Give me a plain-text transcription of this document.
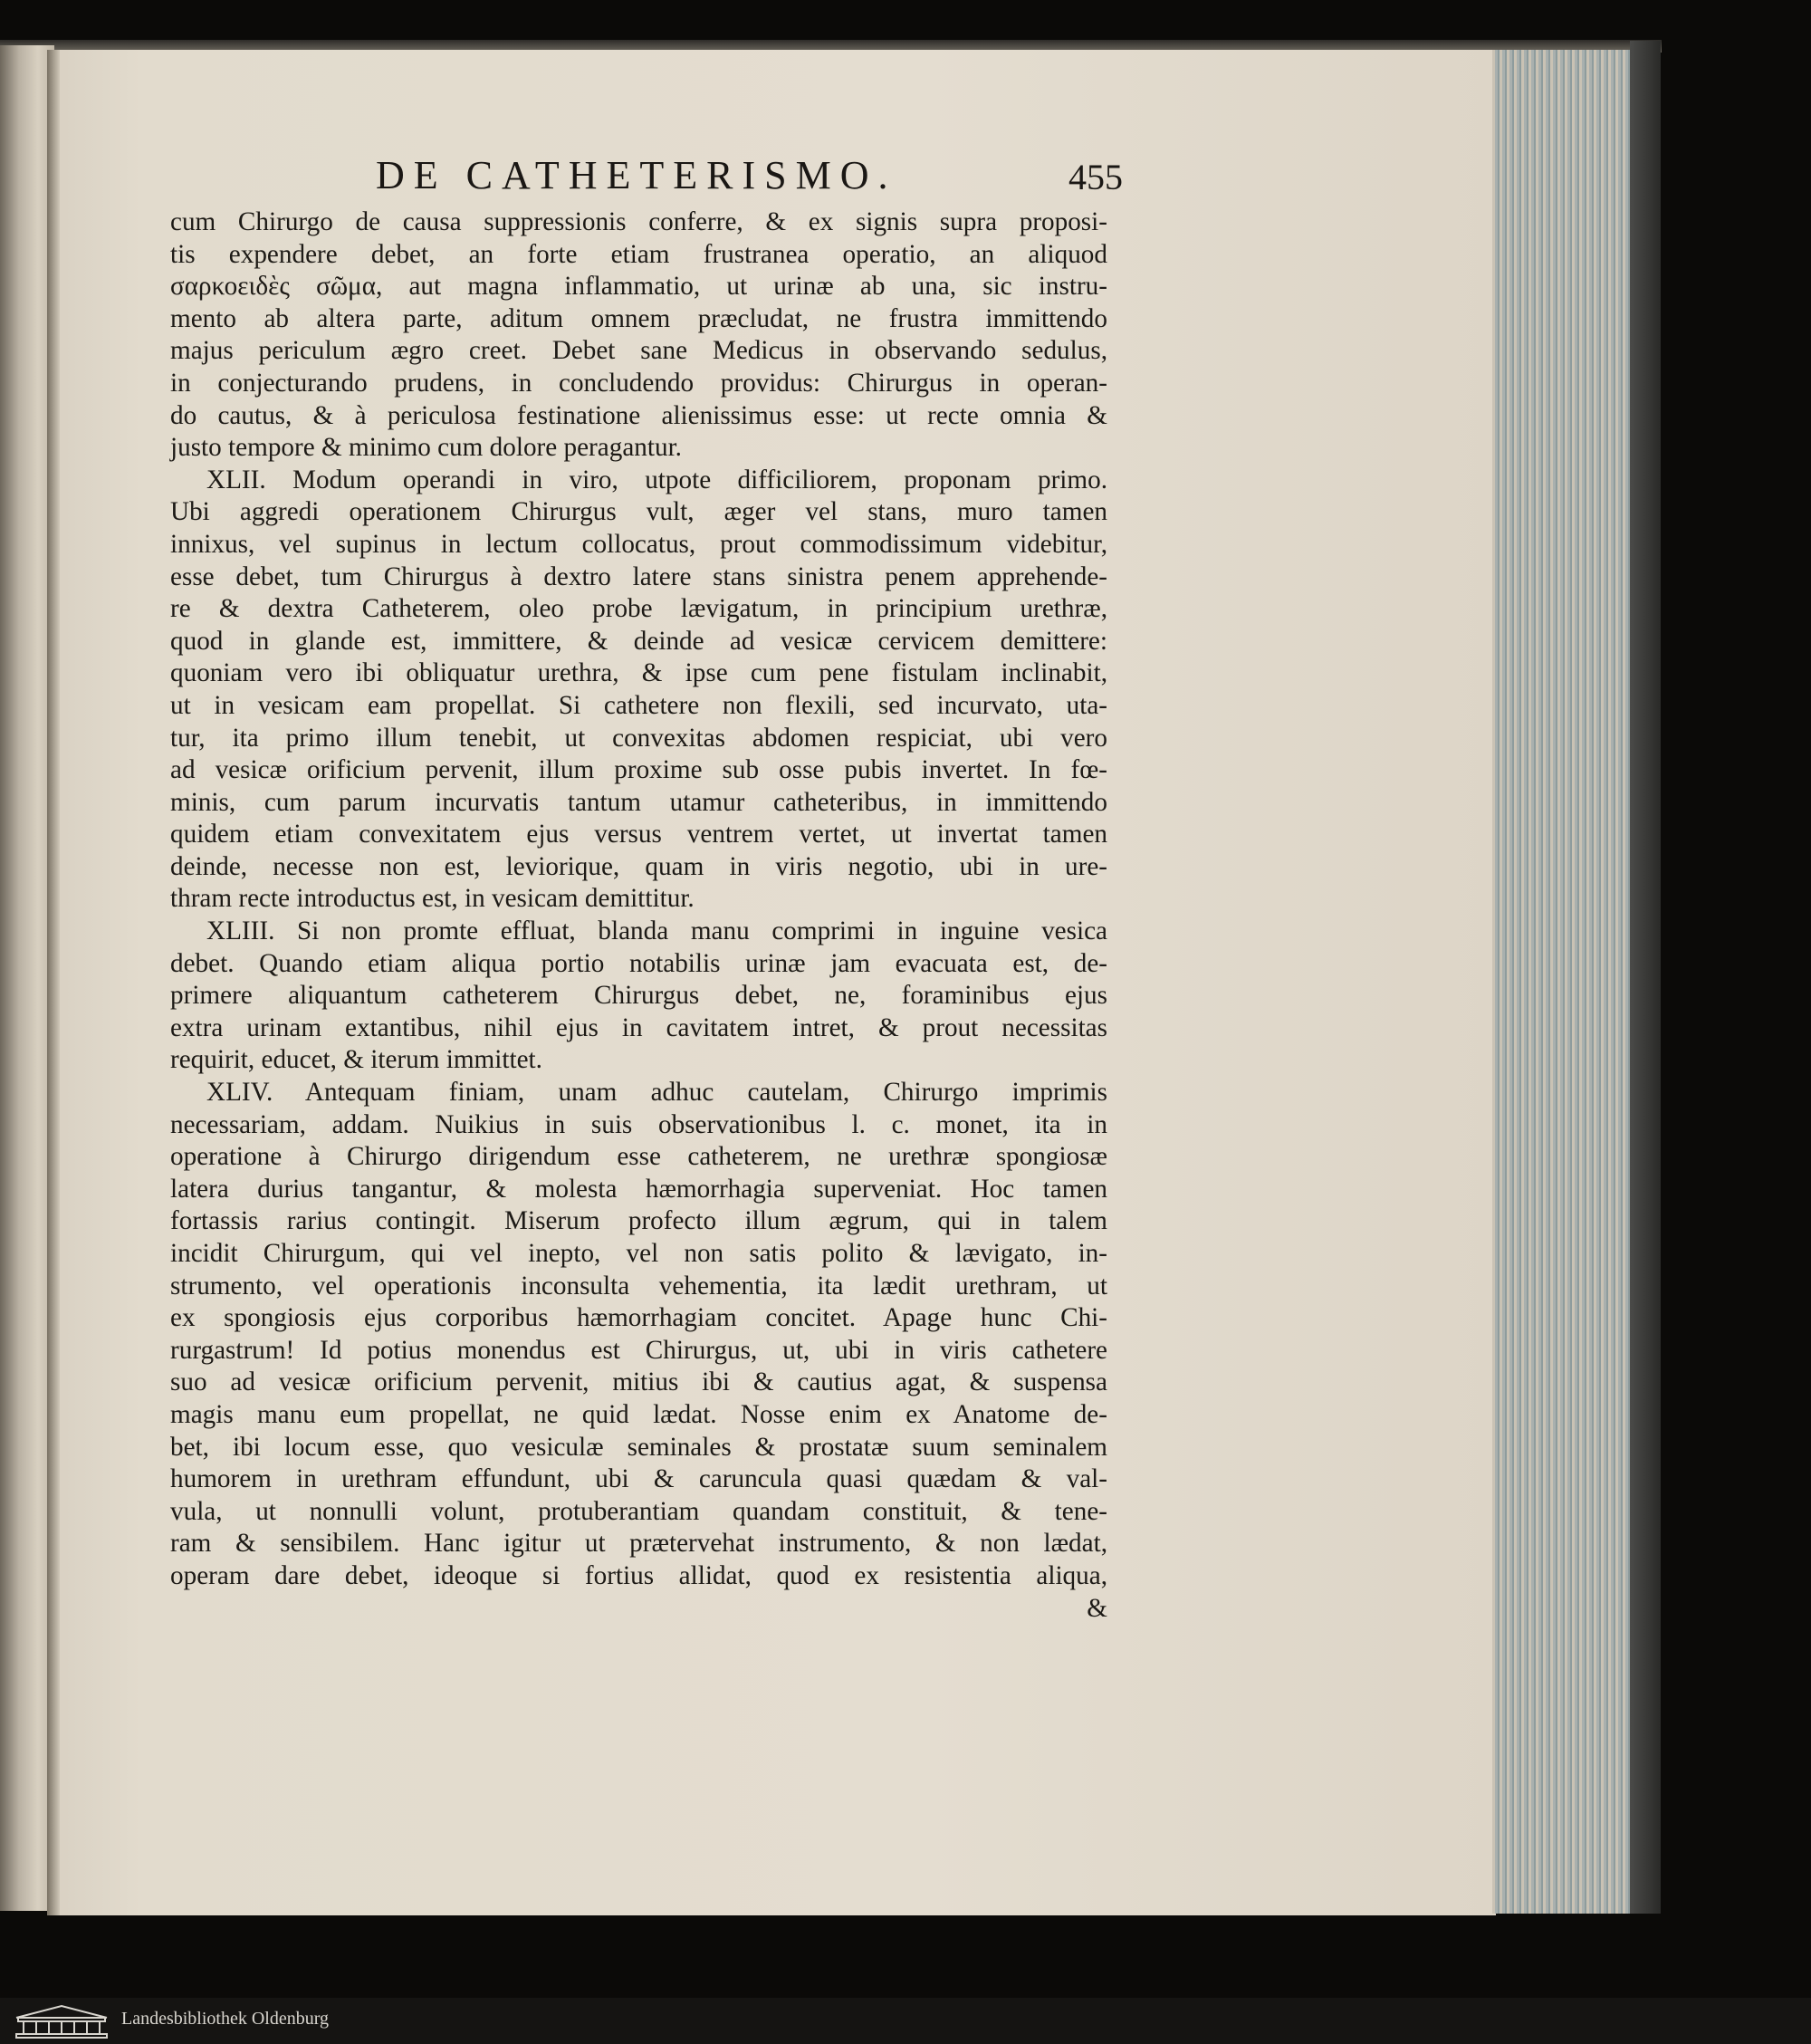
DE CATHETERISMO.	455
cum Chirurgo de causa suppressionis conferre, & ex signis supra proposi-
tis expendere debet, an forte etiam frustranea operatio, an aliquod
σαρκοειδὲς σῶμα, aut magna inflammatio, ut urinæ ab una, sic instru-
mento ab altera parte, aditum omnem præcludat, ne frustra immittendo
majus periculum ægro creet. Debet sane Medicus in observando sedulus,
in conjecturando prudens, in concludendo providus: Chirurgus in operan-
do cautus, & à periculosa festinatione alienissimus esse: ut recte omnia &
justo tempore & minimo cum dolore peragantur.
XLII. Modum operandi in viro, utpote difficiliorem, proponam primo.
Ubi aggredi operationem Chirurgus vult, æger vel stans, muro tamen
innixus, vel supinus in lectum collocatus, prout commodissimum videbitur,
esse debet, tum Chirurgus à dextro latere stans sinistra penem apprehende-
re & dextra Catheterem, oleo probe lævigatum, in principium urethræ,
quod in glande est, immittere, & deinde ad vesicæ cervicem demittere:
quoniam vero ibi obliquatur urethra, & ipse cum pene fistulam inclinabit,
ut in vesicam eam propellat. Si cathetere non flexili, sed incurvato, uta-
tur, ita primo illum tenebit, ut convexitas abdomen respiciat, ubi vero
ad vesicæ orificium pervenit, illum proxime sub osse pubis invertet. In fœ-
minis, cum parum incurvatis tantum utamur catheteribus, in immittendo
quidem etiam convexitatem ejus versus ventrem vertet, ut invertat tamen
deinde, necesse non est, leviorique, quam in viris negotio, ubi in ure-
thram recte introductus est, in vesicam demittitur.
XLIII. Si non promte effluat, blanda manu comprimi in inguine vesica
debet. Quando etiam aliqua portio notabilis urinæ jam evacuata est, de-
primere aliquantum catheterem Chirurgus debet, ne, foraminibus ejus
extra urinam extantibus, nihil ejus in cavitatem intret, & prout necessitas
requirit, educet, & iterum immittet.
XLIV. Antequam finiam, unam adhuc cautelam, Chirurgo imprimis
necessariam, addam. Nuikius in suis observationibus l. c. monet, ita in
operatione à Chirurgo dirigendum esse catheterem, ne urethræ spongiosæ
latera durius tangantur, & molesta hæmorrhagia superveniat. Hoc tamen
fortassis rarius contingit. Miserum profecto illum ægrum, qui in talem
incidit Chirurgum, qui vel inepto, vel non satis polito & lævigato, in-
strumento, vel operationis inconsulta vehementia, ita lædit urethram, ut
ex spongiosis ejus corporibus hæmorrhagiam concitet. Apage hunc Chi-
rurgastrum! Id potius monendus est Chirurgus, ut, ubi in viris cathetere
suo ad vesicæ orificium pervenit, mitius ibi & cautius agat, & suspensa
magis manu eum propellat, ne quid lædat. Nosse enim ex Anatome de-
bet, ibi locum esse, quo vesiculæ seminales & prostatæ suum seminalem
humorem in urethram effundunt, ubi & caruncula quasi quædam & val-
vula, ut nonnulli volunt, protuberantiam quandam constituit, & tene-
ram & sensibilem. Hanc igitur ut prætervehat instrumento, & non lædat,
operam dare debet, ideoque si fortius allidat, quod ex resistentia aliqua,
&
Landesbibliothek Oldenburg
